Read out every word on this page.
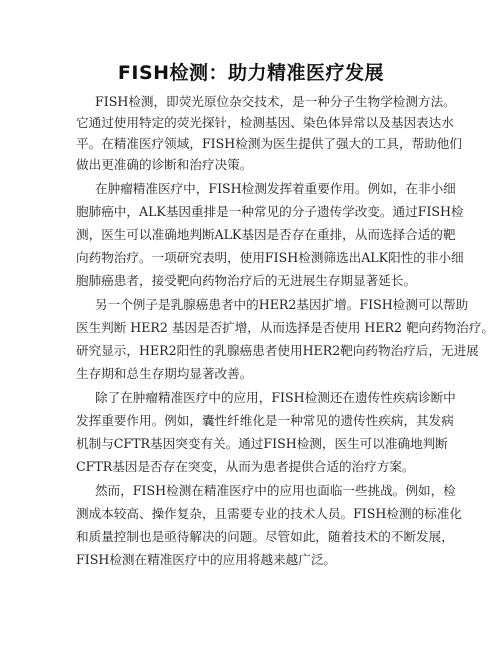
FISH检测：助力精准医疗发展
FISH检测，即荧光原位杂交技术，是一种分子生物学检测方法。
它通过使用特定的荧光探针，检测基因、染色体异常以及基因表达水
平。在精准医疗领域，FISH检测为医生提供了强大的工具，帮助他们
做出更准确的诊断和治疗决策。
在肿瘤精准医疗中，FISH检测发挥着重要作用。例如，在非小细
胞肺癌中，ALK基因重排是一种常见的分子遗传学改变。通过FISH检
测，医生可以准确地判断ALK基因是否存在重排，从而选择合适的靶
向药物治疗。一项研究表明，使用FISH检测筛选出ALK阳性的非小细
胞肺癌患者，接受靶向药物治疗后的无进展生存期显著延长。
另一个例子是乳腺癌患者中的HER2基因扩增。FISH检测可以帮助
医生判断 HER2 基因是否扩增，从而选择是否使用 HER2 靶向药物治疗。
研究显示，HER2阳性的乳腺癌患者使用HER2靶向药物治疗后，无进展
生存期和总生存期均显著改善。
除了在肿瘤精准医疗中的应用，FISH检测还在遗传性疾病诊断中
发挥重要作用。例如，囊性纤维化是一种常见的遗传性疾病，其发病
机制与CFTR基因突变有关。通过FISH检测，医生可以准确地判断
CFTR基因是否存在突变，从而为患者提供合适的治疗方案。
然而，FISH检测在精准医疗中的应用也面临一些挑战。例如，检
测成本较高、操作复杂，且需要专业的技术人员。FISH检测的标准化
和质量控制也是亟待解决的问题。尽管如此，随着技术的不断发展，
FISH检测在精准医疗中的应用将越来越广泛。
